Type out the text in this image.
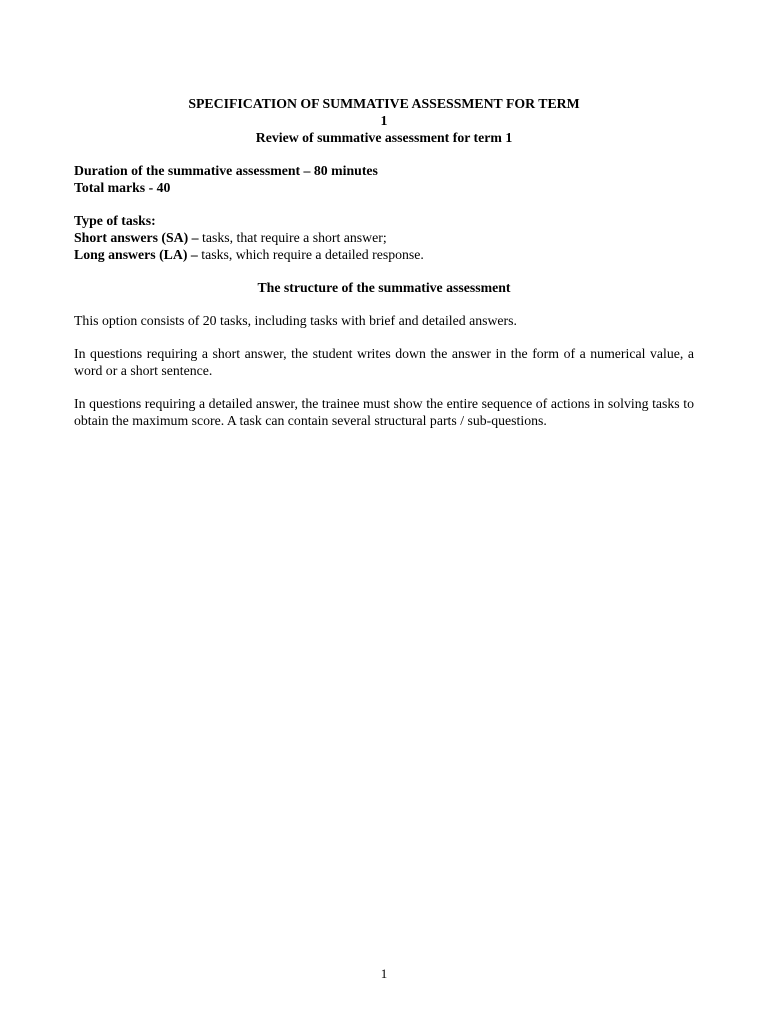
SPECIFICATION OF SUMMATIVE ASSESSMENT FOR TERM

1

Review of summative assessment for term 1

Duration of the summative assessment – 80 minutes

Total marks - 40

Type of tasks:

Short answers (SA) – tasks, that require a short answer;

Long answers (LA) – tasks, which require a detailed response.

The structure of the summative assessment

This option consists of 20 tasks, including tasks with brief and detailed answers.

In questions requiring a short answer, the student writes down the answer in the form of a numerical value, a word or a short sentence.

In questions requiring a detailed answer, the trainee must show the entire sequence of actions in solving tasks to obtain the maximum score. A task can contain several structural parts / sub-questions.

1
